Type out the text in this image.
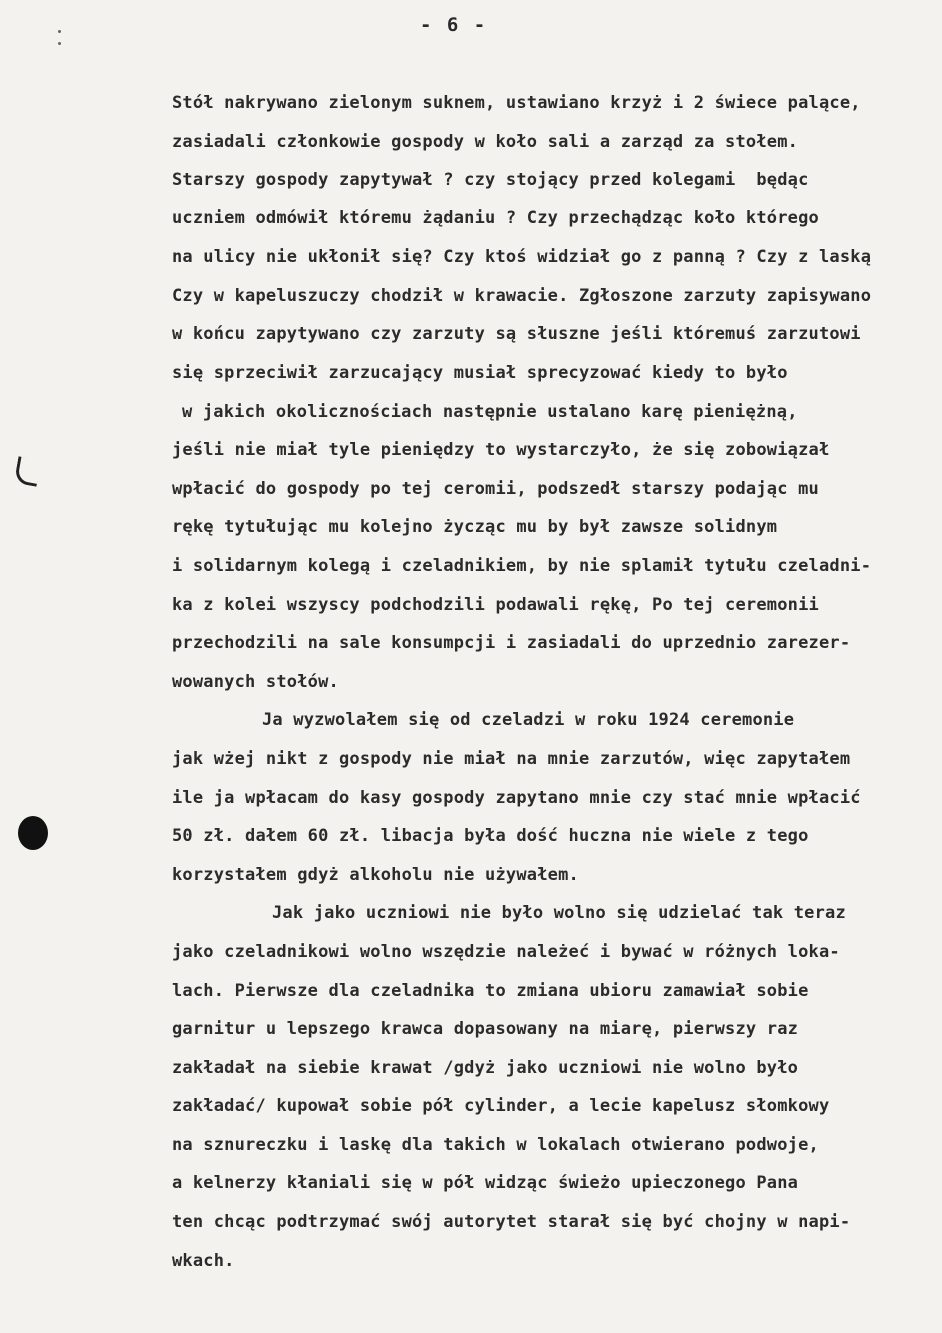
- 6 -
Stół nakrywano zielonym suknem, ustawiano krzyż i 2 świece palące,
zasiadali członkowie gospody w koło sali a zarząd za stołem.
Starszy gospody zapytywał ? czy stojący przed kolegami  będąc
uczniem odmówił któremu żądaniu ? Czy przechądząc koło którego
na ulicy nie ukłonił się? Czy ktoś widział go z panną ? Czy z laską
Czy w kapeluszuczy chodził w krawacie. Zgłoszone zarzuty zapisywano
w końcu zapytywano czy zarzuty są słuszne jeśli któremuś zarzutowi
się sprzeciwił zarzucający musiał sprecyzować kiedy to było
w jakich okolicznościach następnie ustalano karę pieniężną,
jeśli nie miał tyle pieniędzy to wystarczyło, że się zobowiązał
wpłacić do gospody po tej ceromii, podszedł starszy podając mu
rękę tytułując mu kolejno życząc mu by był zawsze solidnym
i solidarnym kolegą i czeladnikiem, by nie splamił tytułu czeladni-
ka z kolei wszyscy podchodzili podawali rękę, Po tej ceremonii
przechodzili na sale konsumpcji i zasiadali do uprzednio zarezer-
wowanych stołów.
Ja wyzwolałem się od czeladzi w roku 1924 ceremonie
jak wżej nikt z gospody nie miał na mnie zarzutów, więc zapytałem
ile ja wpłacam do kasy gospody zapytano mnie czy stać mnie wpłacić
50 zł. dałem 60 zł. libacja była dość huczna nie wiele z tego
korzystałem gdyż alkoholu nie używałem.
Jak jako uczniowi nie było wolno się udzielać tak teraz
jako czeladnikowi wolno wszędzie należeć i bywać w różnych loka-
lach. Pierwsze dla czeladnika to zmiana ubioru zamawiał sobie
garnitur u lepszego krawca dopasowany na miarę, pierwszy raz
zakładał na siebie krawat /gdyż jako uczniowi nie wolno było
zakładać/ kupował sobie pół cylinder, a lecie kapelusz słomkowy
na sznureczku i laskę dla takich w lokalach otwierano podwoje,
a kelnerzy kłaniali się w pół widząc świeżo upieczonego Pana
ten chcąc podtrzymać swój autorytet starał się być chojny w napi-
wkach.
